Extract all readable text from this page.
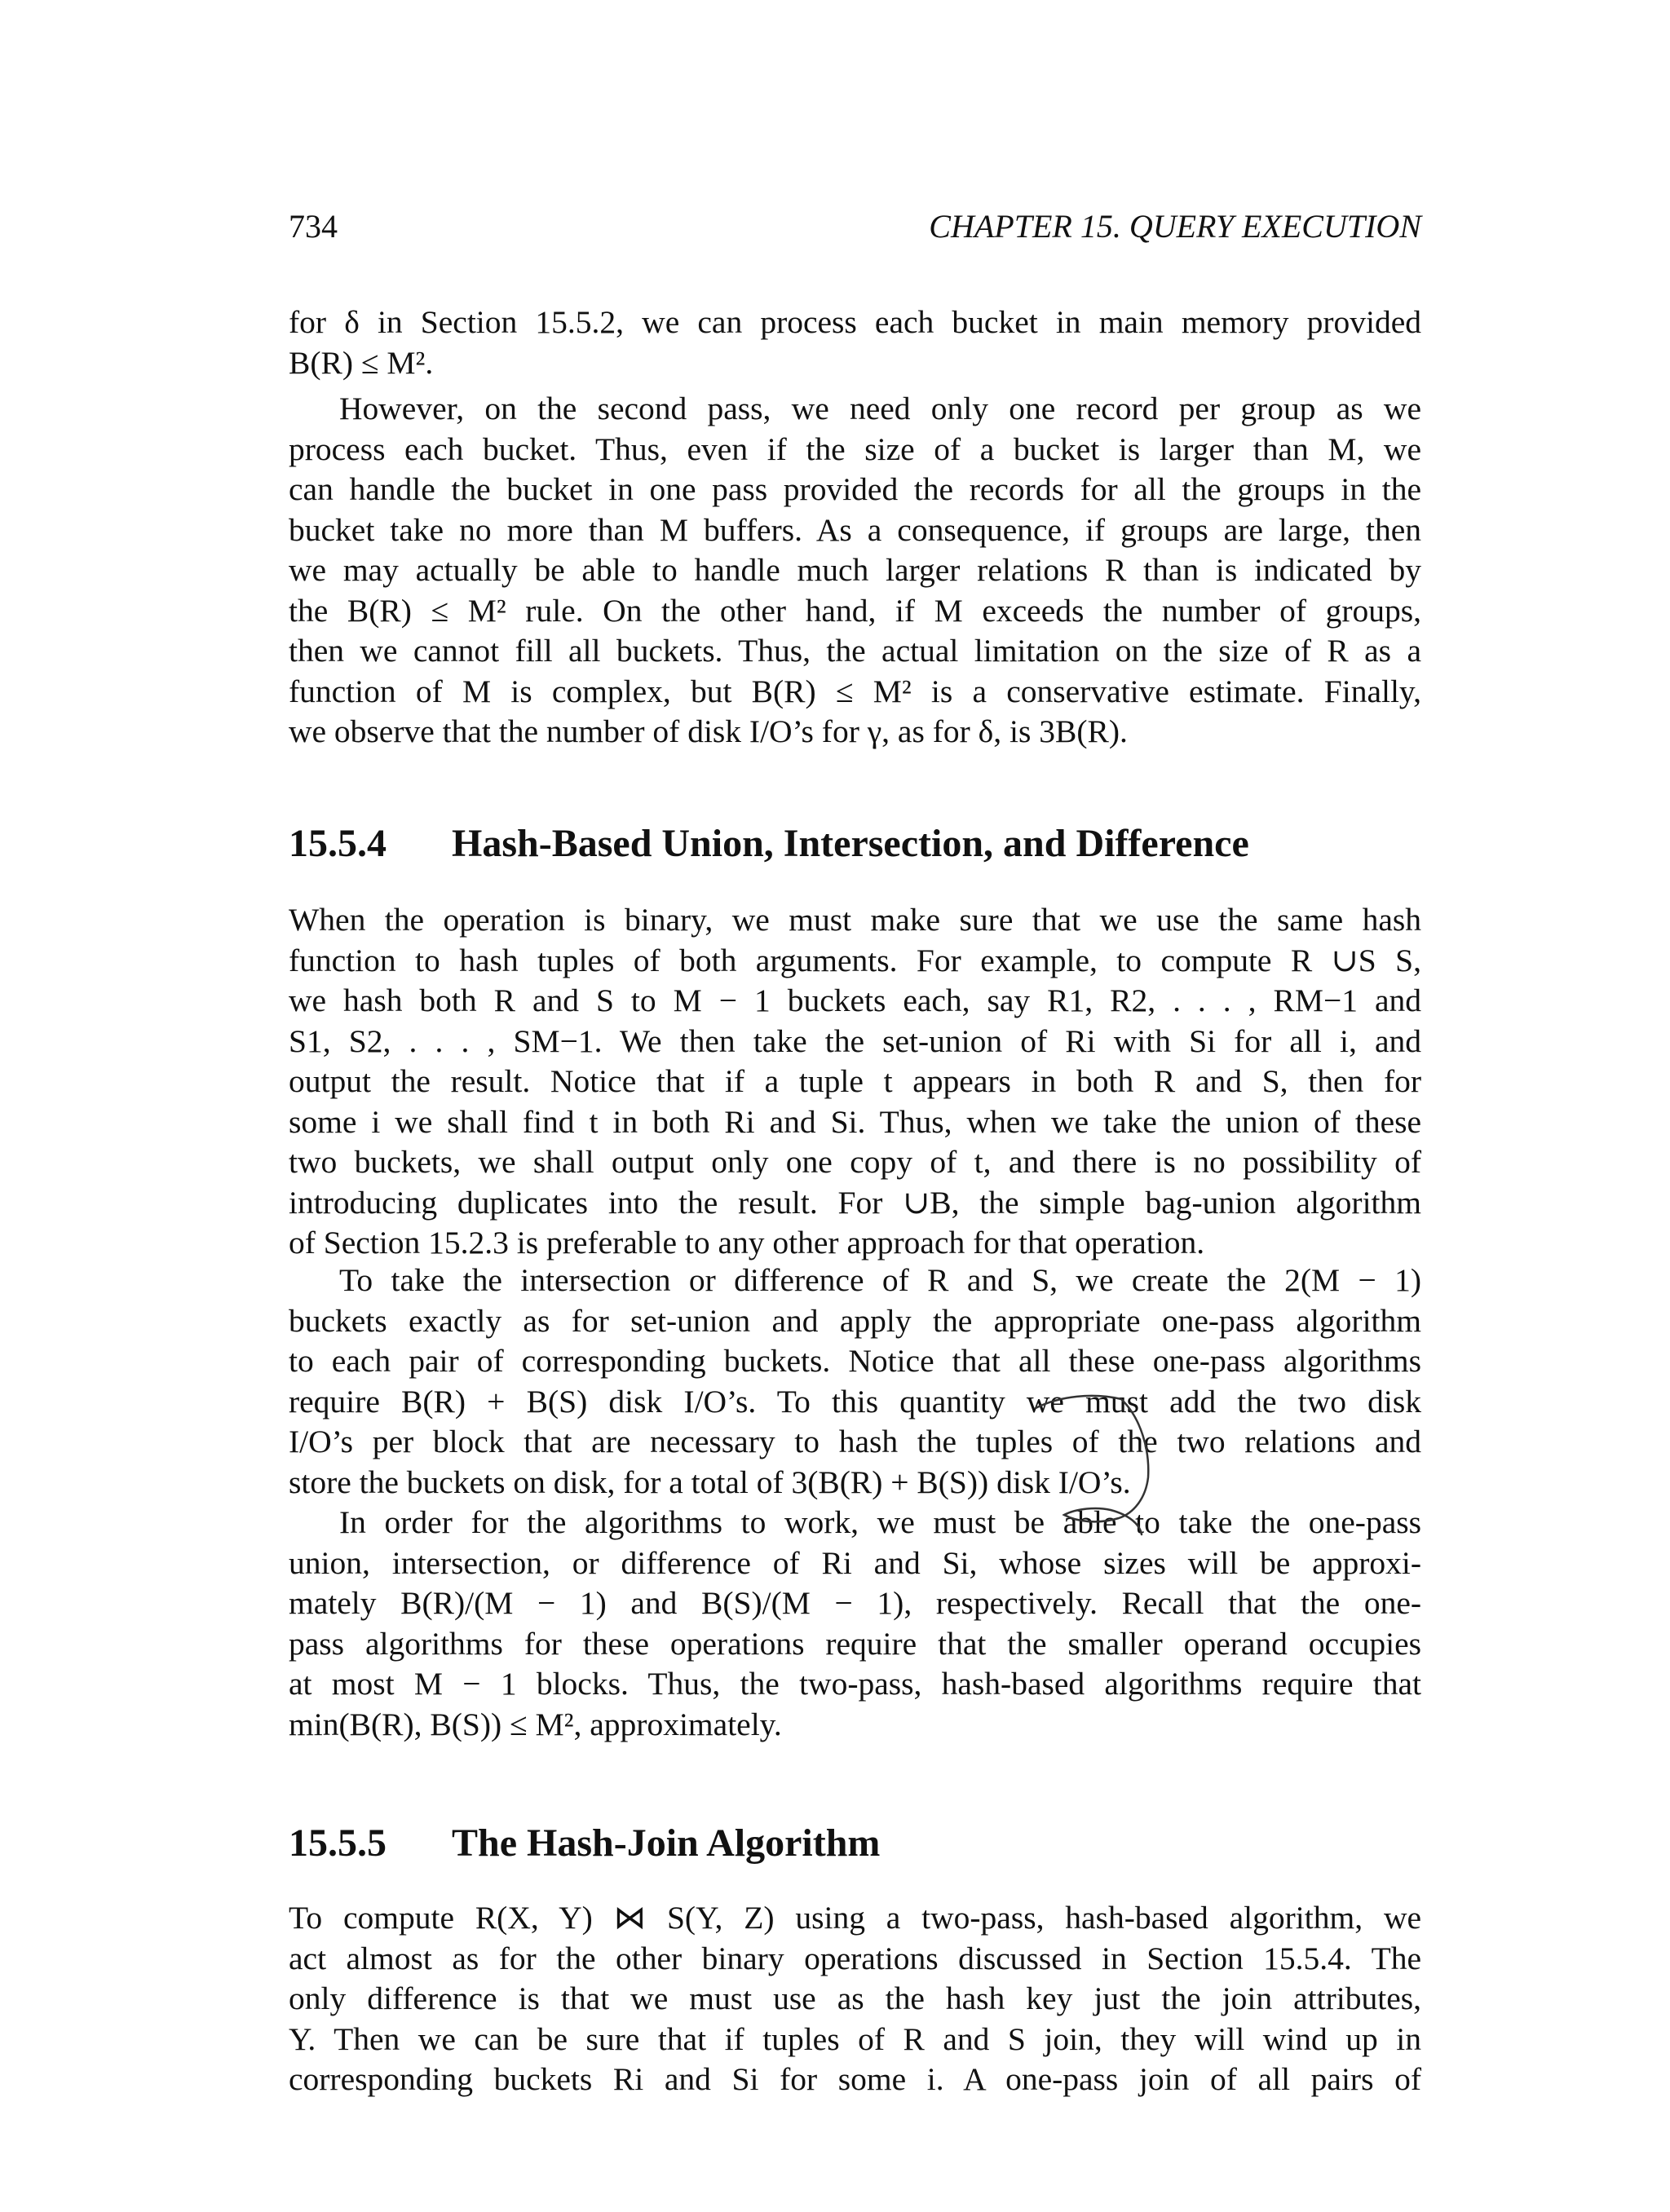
734	CHAPTER 15. QUERY EXECUTION
for δ in Section 15.5.2, we can process each bucket in main memory provided
B(R) ≤ M².
However, on the second pass, we need only one record per group as we
process each bucket. Thus, even if the size of a bucket is larger than M, we
can handle the bucket in one pass provided the records for all the groups in the
bucket take no more than M buffers. As a consequence, if groups are large, then
we may actually be able to handle much larger relations R than is indicated by
the B(R) ≤ M² rule. On the other hand, if M exceeds the number of groups,
then we cannot fill all buckets. Thus, the actual limitation on the size of R as a
function of M is complex, but B(R) ≤ M² is a conservative estimate. Finally,
we observe that the number of disk I/O’s for γ, as for δ, is 3B(R).
15.5.4 Hash-Based Union, Intersection, and Difference
When the operation is binary, we must make sure that we use the same hash
function to hash tuples of both arguments. For example, to compute R ∪S S,
we hash both R and S to M − 1 buckets each, say R1, R2, . . . , RM−1 and
S1, S2, . . . , SM−1. We then take the set-union of Ri with Si for all i, and
output the result. Notice that if a tuple t appears in both R and S, then for
some i we shall find t in both Ri and Si. Thus, when we take the union of these
two buckets, we shall output only one copy of t, and there is no possibility of
introducing duplicates into the result. For ∪B, the simple bag-union algorithm
of Section 15.2.3 is preferable to any other approach for that operation.
To take the intersection or difference of R and S, we create the 2(M − 1)
buckets exactly as for set-union and apply the appropriate one-pass algorithm
to each pair of corresponding buckets. Notice that all these one-pass algorithms
require B(R) + B(S) disk I/O’s. To this quantity we must add the two disk
I/O’s per block that are necessary to hash the tuples of the two relations and
store the buckets on disk, for a total of 3(B(R) + B(S)) disk I/O’s.
In order for the algorithms to work, we must be able to take the one-pass
union, intersection, or difference of Ri and Si, whose sizes will be approxi-
mately B(R)/(M − 1) and B(S)/(M − 1), respectively. Recall that the one-
pass algorithms for these operations require that the smaller operand occupies
at most M − 1 blocks. Thus, the two-pass, hash-based algorithms require that
min(B(R), B(S)) ≤ M², approximately.
15.5.5 The Hash-Join Algorithm
To compute R(X, Y) ⋈ S(Y, Z) using a two-pass, hash-based algorithm, we
act almost as for the other binary operations discussed in Section 15.5.4. The
only difference is that we must use as the hash key just the join attributes,
Y. Then we can be sure that if tuples of R and S join, they will wind up in
corresponding buckets Ri and Si for some i. A one-pass join of all pairs of
